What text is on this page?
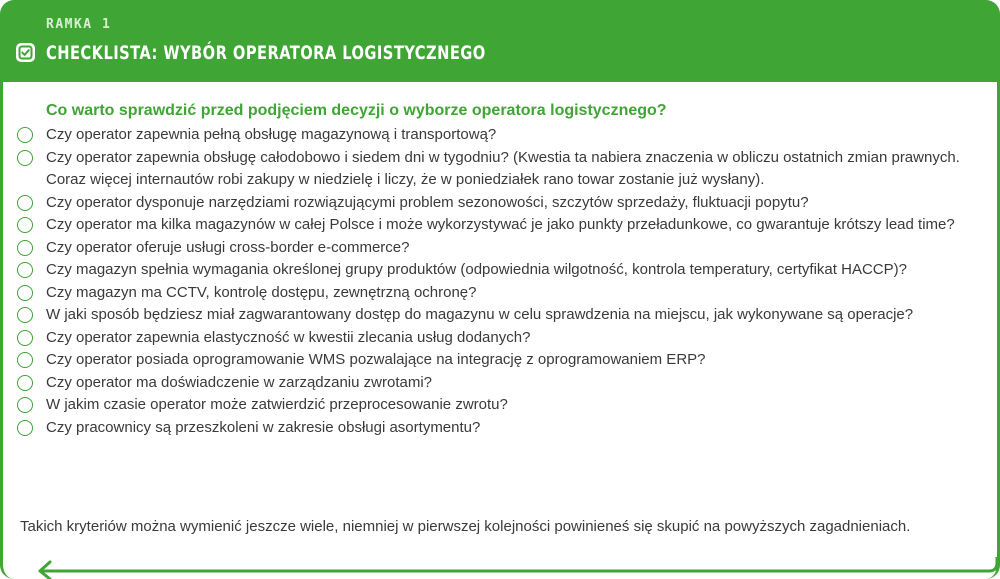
RAMKA 1
CHECKLISTA: WYBÓR OPERATORA LOGISTYCZNEGO
Co warto sprawdzić przed podjęciem decyzji o wyborze operatora logistycznego?
Czy operator zapewnia pełną obsługę magazynową i transportową?
Czy operator zapewnia obsługę całodobowo i siedem dni w tygodniu? (Kwestia ta nabiera znaczenia w obliczu ostatnich zmian prawnych. Coraz więcej internautów robi zakupy w niedzielę i liczy, że w poniedziałek rano towar zostanie już wysłany).
Czy operator dysponuje narzędziami rozwiązującymi problem sezonowości, szczytów sprzedaży, fluktuacji popytu?
Czy operator ma kilka magazynów w całej Polsce i może wykorzystywać je jako punkty przeładunkowe, co gwarantuje krótszy lead time?
Czy operator oferuje usługi cross-border e-commerce?
Czy magazyn spełnia wymagania określonej grupy produktów (odpowiednia wilgotność, kontrola temperatury, certyfikat HACCP)?
Czy magazyn ma CCTV, kontrolę dostępu, zewnętrzną ochronę?
W jaki sposób będziesz miał zagwarantowany dostęp do magazynu w celu sprawdzenia na miejscu, jak wykonywane są operacje?
Czy operator zapewnia elastyczność w kwestii zlecania usług dodanych?
Czy operator posiada oprogramowanie WMS pozwalające na integrację z oprogramowaniem ERP?
Czy operator ma doświadczenie w zarządzaniu zwrotami?
W jakim czasie operator może zatwierdzić przeprocesowanie zwrotu?
Czy pracownicy są przeszkoleni w zakresie obsługi asortymentu?
Takich kryteriów można wymienić jeszcze wiele, niemniej w pierwszej kolejności powinieneś się skupić na powyższych zagadnieniach.
